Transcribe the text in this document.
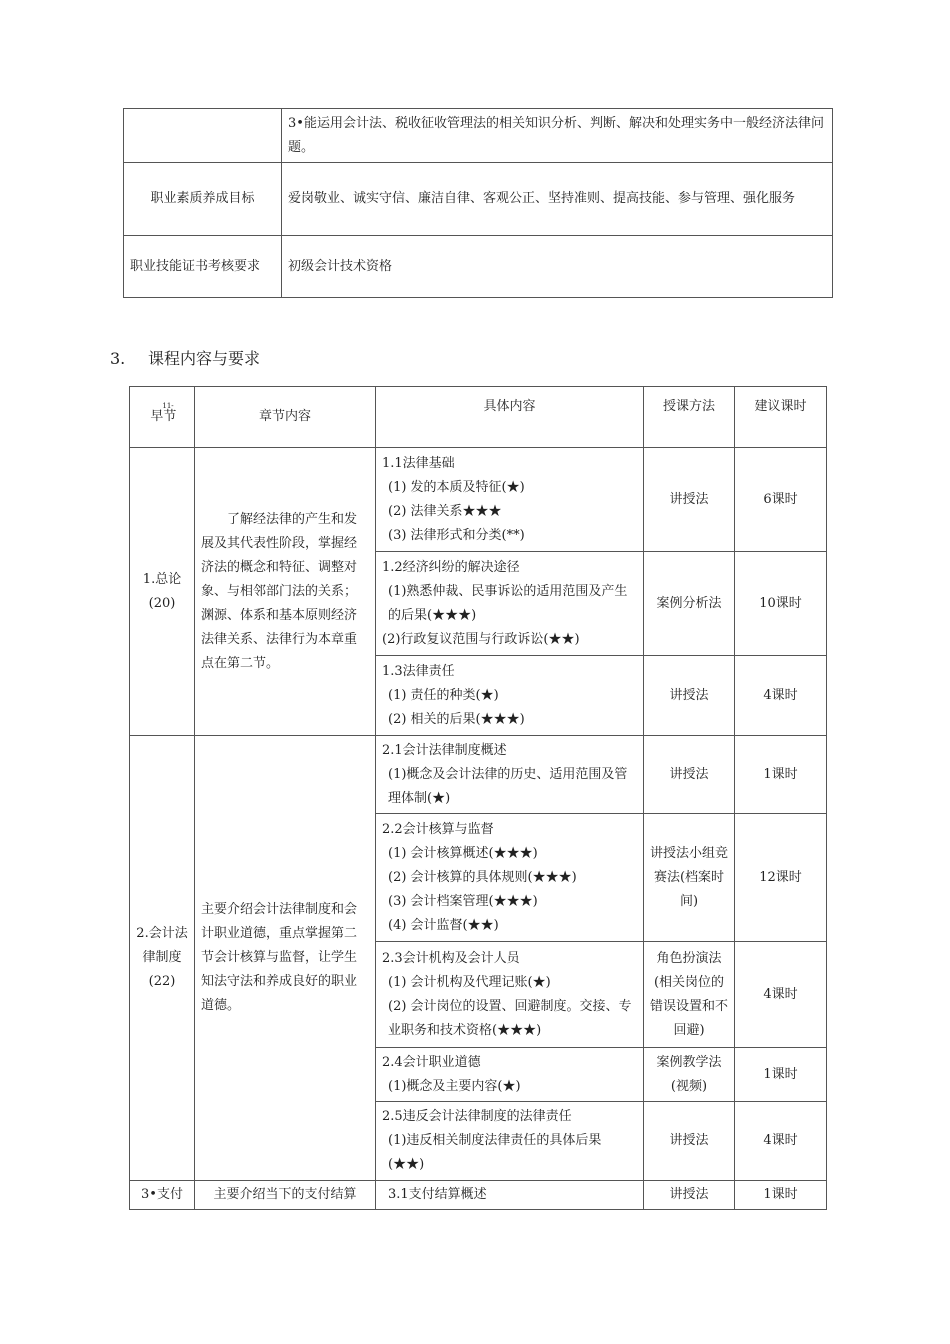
	3•能运用会计法、税收征收管理法的相关知识分析、判断、解决和处理实务中一般经济法律问题。
职业素质养成目标	爱岗敬业、诚实守信、廉洁自律、客观公正、坚持准则、提高技能、参与管理、强化服务
职业技能证书考核要求	初级会计技术资格
3. 课程内容与要求
早节$^{11-}$	章节内容	具体内容	授课方法	建议课时

1.总论
(20)	了解经法律的产生和发展及其代表性阶段，掌握经济法的概念和特征、调整对象、与相邻部门法的关系；渊源、体系和基本原则经济法律关系、法律行为本章重点在第二节。	1.1法律基础
(1) 发的本质及特征(★)
(2) 法律关系★★★
(3) 法律形式和分类(**)	讲授法	6课时

		1.2经济纠纷的解决途径
(1)熟悉仲裁、民事诉讼的适用范围及产生的后果(★★★)
(2)行政复议范围与行政诉讼(★★)	案例分析法	10课时

		1.3法律责任
(1) 责任的种类(★)
(2) 相关的后果(★★★)	讲授法	4课时
2.会计法律制度(22)	主要介绍会计法律制度和会计职业道德，重点掌握第二节会计核算与监督，让学生知法守法和养成良好的职业道德。	2.1会计法律制度概述
(1)概念及会计法律的历史、适用范围及管理体制(★)	讲授法	1课时

		2.2会计核算与监督
(1) 会计核算概述(★★★)
(2) 会计核算的具体规则(★★★)
(3) 会计档案管理(★★★)
(4) 会计监督(★★)	讲授法小组竞赛法(档案时间)	12课时

		2.3会计机构及会计人员
(1) 会计机构及代理记账(★)
(2) 会计岗位的设置、回避制度。交接、专业职务和技术资格(★★★)	角色扮演法(相关岗位的错误设置和不回避)	4课时

		2.4会计职业道德
(1)概念及主要内容(★)	案例教学法(视频)	1课时

		2.5违反会计法律制度的法律责任
(1)违反相关制度法律责任的具体后果(★★)	讲授法	4课时
3•支付	主要介绍当下的支付结算	3.1支付结算概述	讲授法	1课时
